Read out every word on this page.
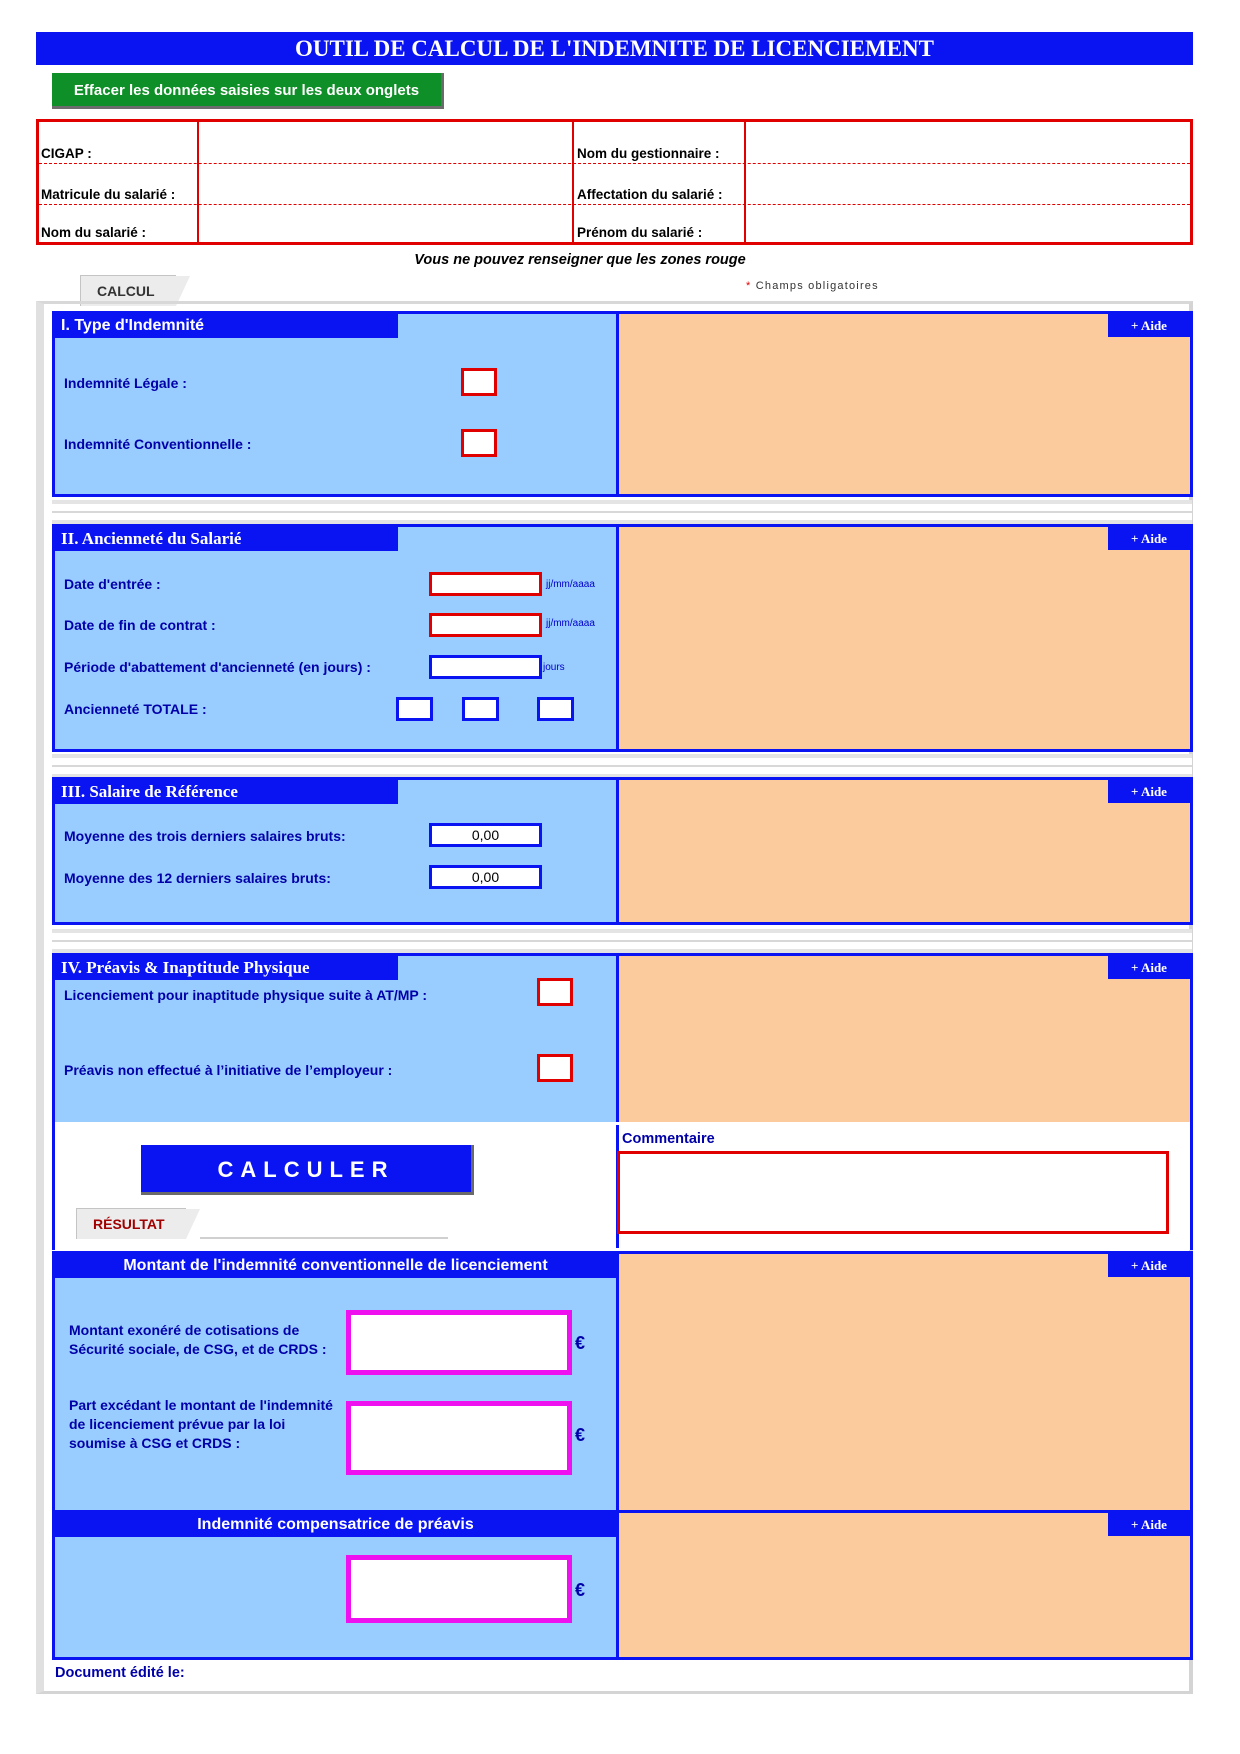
OUTIL DE CALCUL DE L'INDEMNITE DE LICENCIEMENT
Effacer les données saisies sur les deux onglets
CIGAP :	Nom du gestionnaire :
Matricule du salarié :	Affectation du salarié :
Nom du salarié :	Prénom du salarié :
Vous ne pouvez renseigner que les zones rouge
CALCUL	* Champs obligatoires
I. Type d'Indemnité	+ Aide
Indemnité Légale :
Indemnité Conventionnelle :
II. Ancienneté du Salarié	+ Aide
Date d'entrée :	jj/mm/aaaa
Date de fin de contrat :	jj/mm/aaaa
Période d'abattement d'ancienneté (en jours) :	jours
Ancienneté TOTALE :
III. Salaire de Référence	+ Aide
Moyenne des trois derniers salaires bruts:	0,00
Moyenne des 12 derniers salaires bruts:	0,00
IV. Préavis & Inaptitude Physique	+ Aide
Licenciement pour inaptitude physique suite à AT/MP :
Préavis non effectué à l’initiative de l’employeur :
CALCULER
Commentaire
RÉSULTAT
Montant de l'indemnité conventionnelle de licenciement	+ Aide
Montant exonéré de cotisations de
Sécurité sociale, de CSG, et de CRDS :	€
Part excédant le montant de l'indemnité
de licenciement prévue par la loi
soumise à CSG et CRDS :	€
Indemnité compensatrice de préavis	+ Aide
€
Document édité le:
